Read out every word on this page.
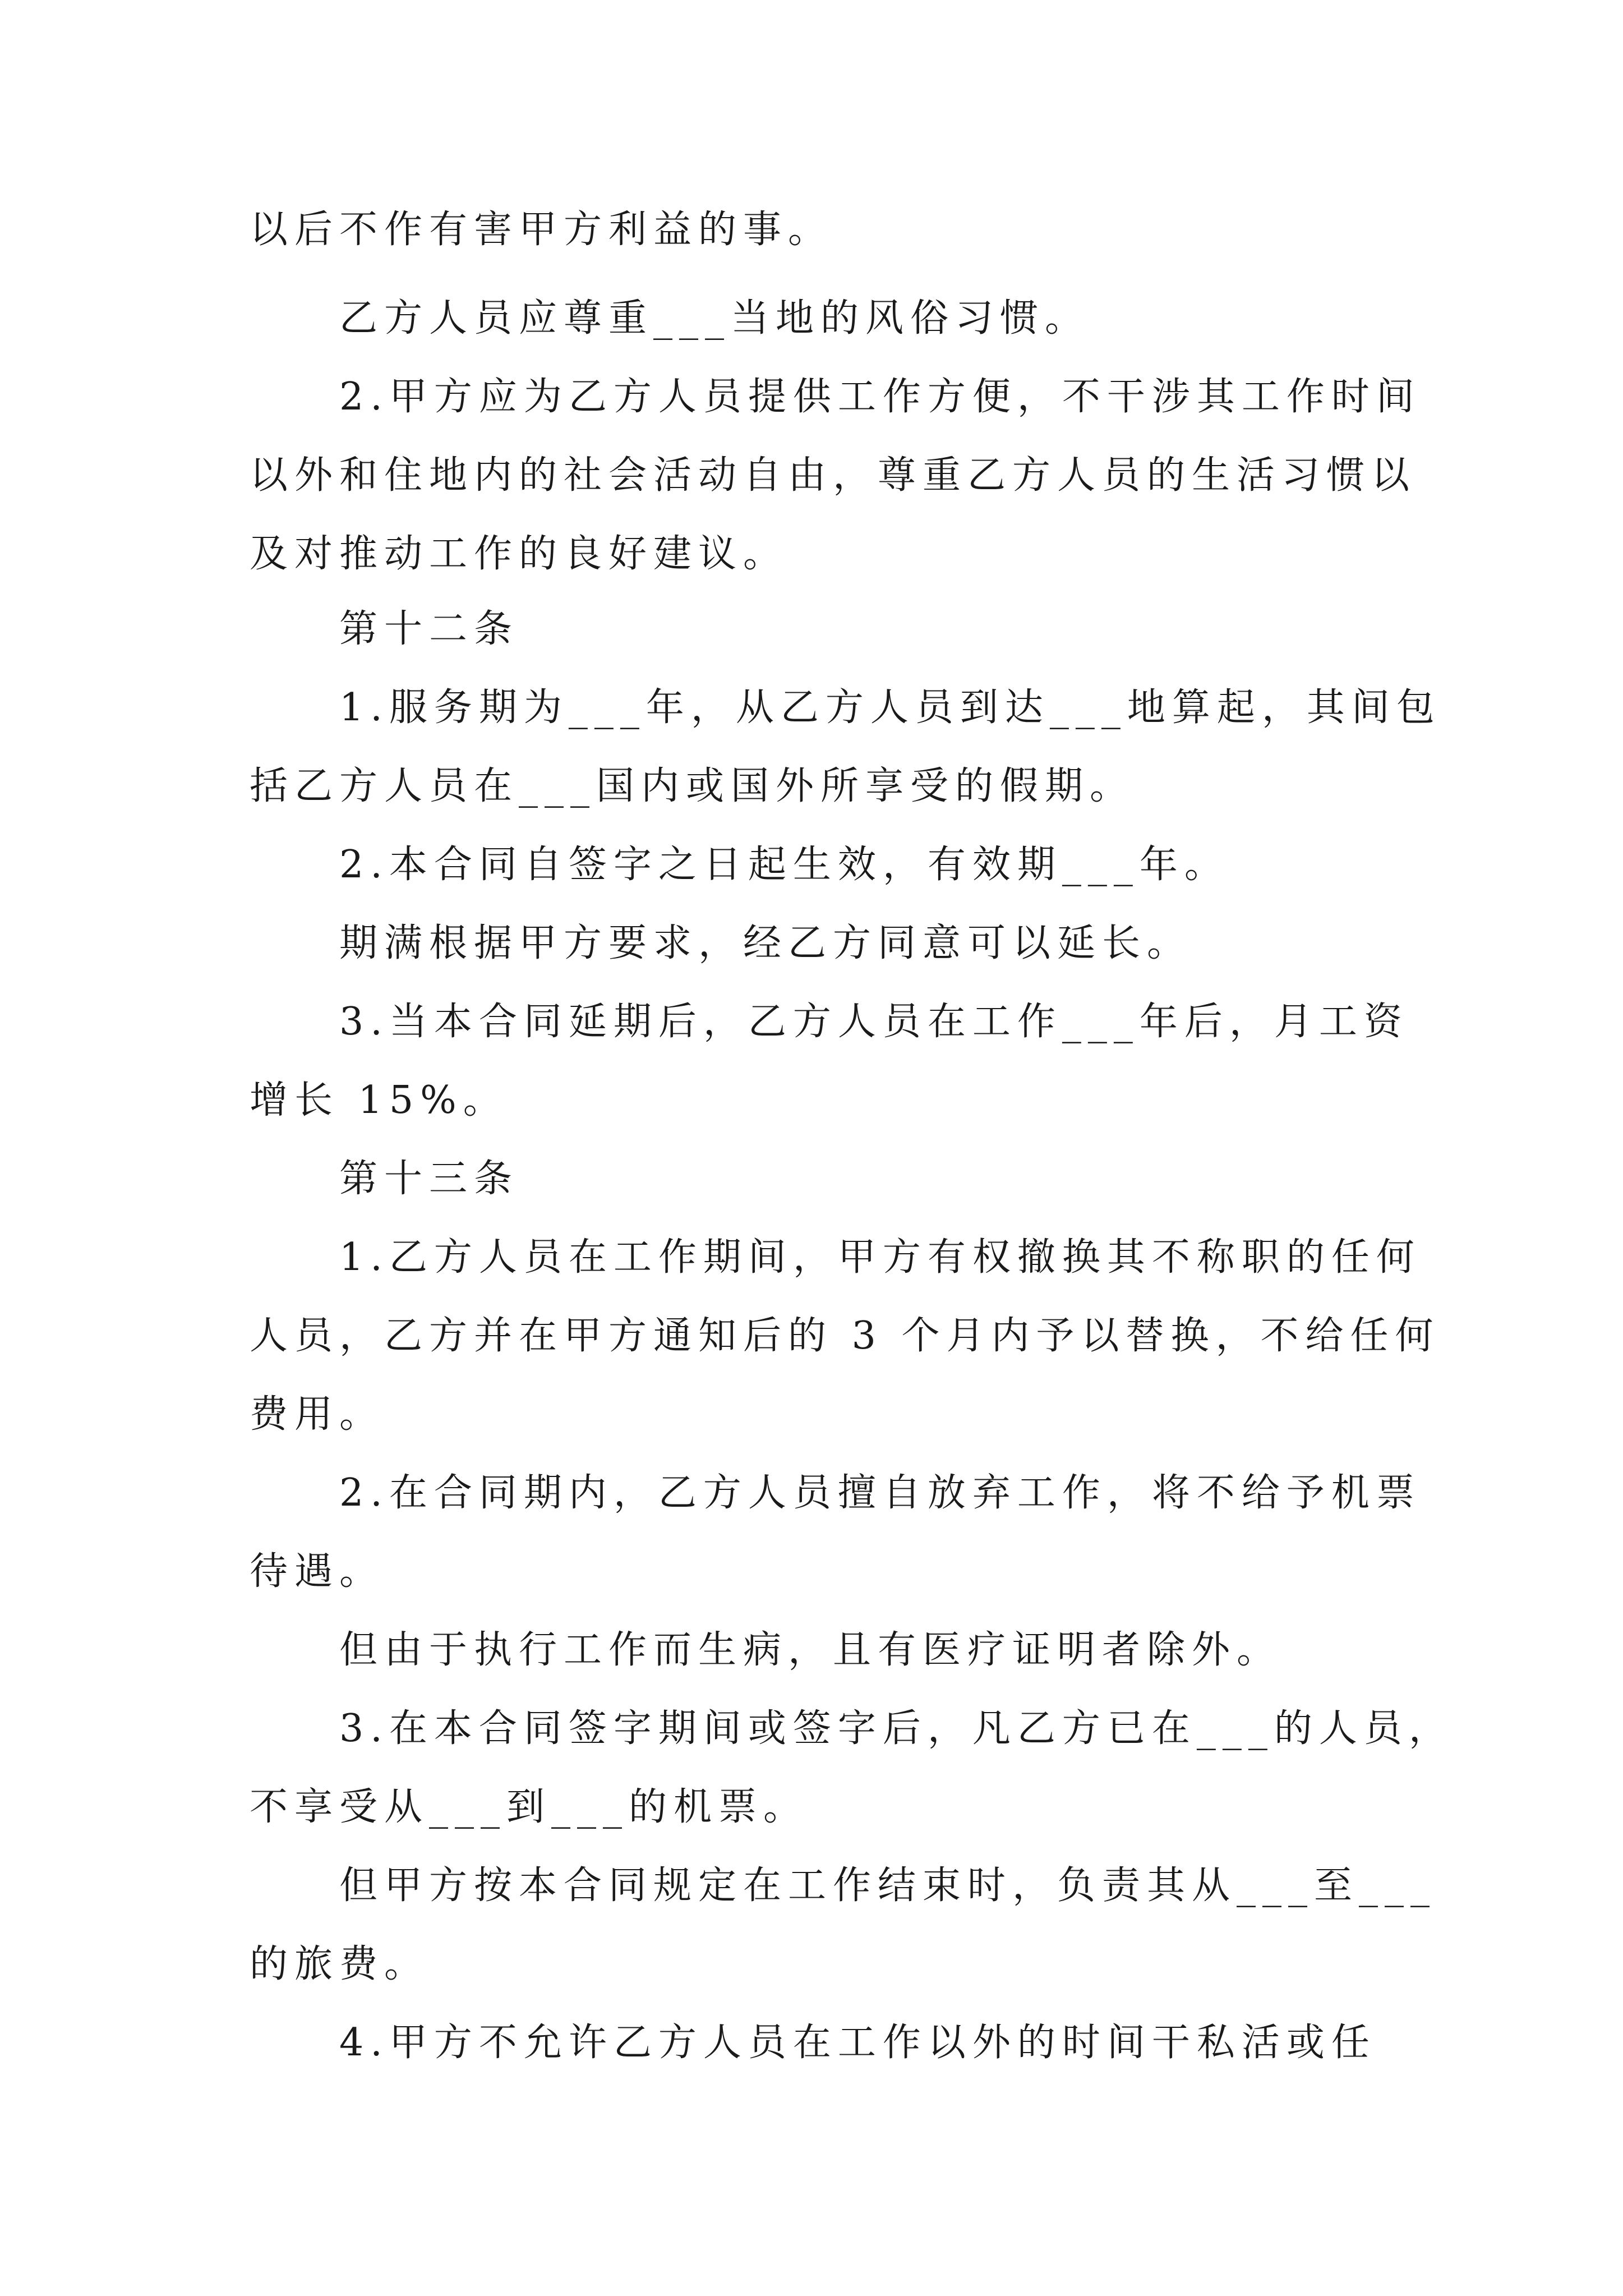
以后不作有害甲方利益的事。
乙方人员应尊重___当地的风俗习惯。
2.甲方应为乙方人员提供工作方便，不干涉其工作时间
以外和住地内的社会活动自由，尊重乙方人员的生活习惯以
及对推动工作的良好建议。
第十二条
1.服务期为___年，从乙方人员到达___地算起，其间包
括乙方人员在___国内或国外所享受的假期。
2.本合同自签字之日起生效，有效期___年。
期满根据甲方要求，经乙方同意可以延长。
3.当本合同延期后，乙方人员在工作___年后，月工资
增长 15%。
第十三条
1.乙方人员在工作期间，甲方有权撤换其不称职的任何
人员，乙方并在甲方通知后的 3 个月内予以替换，不给任何
费用。
2.在合同期内，乙方人员擅自放弃工作，将不给予机票
待遇。
但由于执行工作而生病，且有医疗证明者除外。
3.在本合同签字期间或签字后，凡乙方已在___的人员，
不享受从___到___的机票。
但甲方按本合同规定在工作结束时，负责其从___至___
的旅费。
4.甲方不允许乙方人员在工作以外的时间干私活或任
